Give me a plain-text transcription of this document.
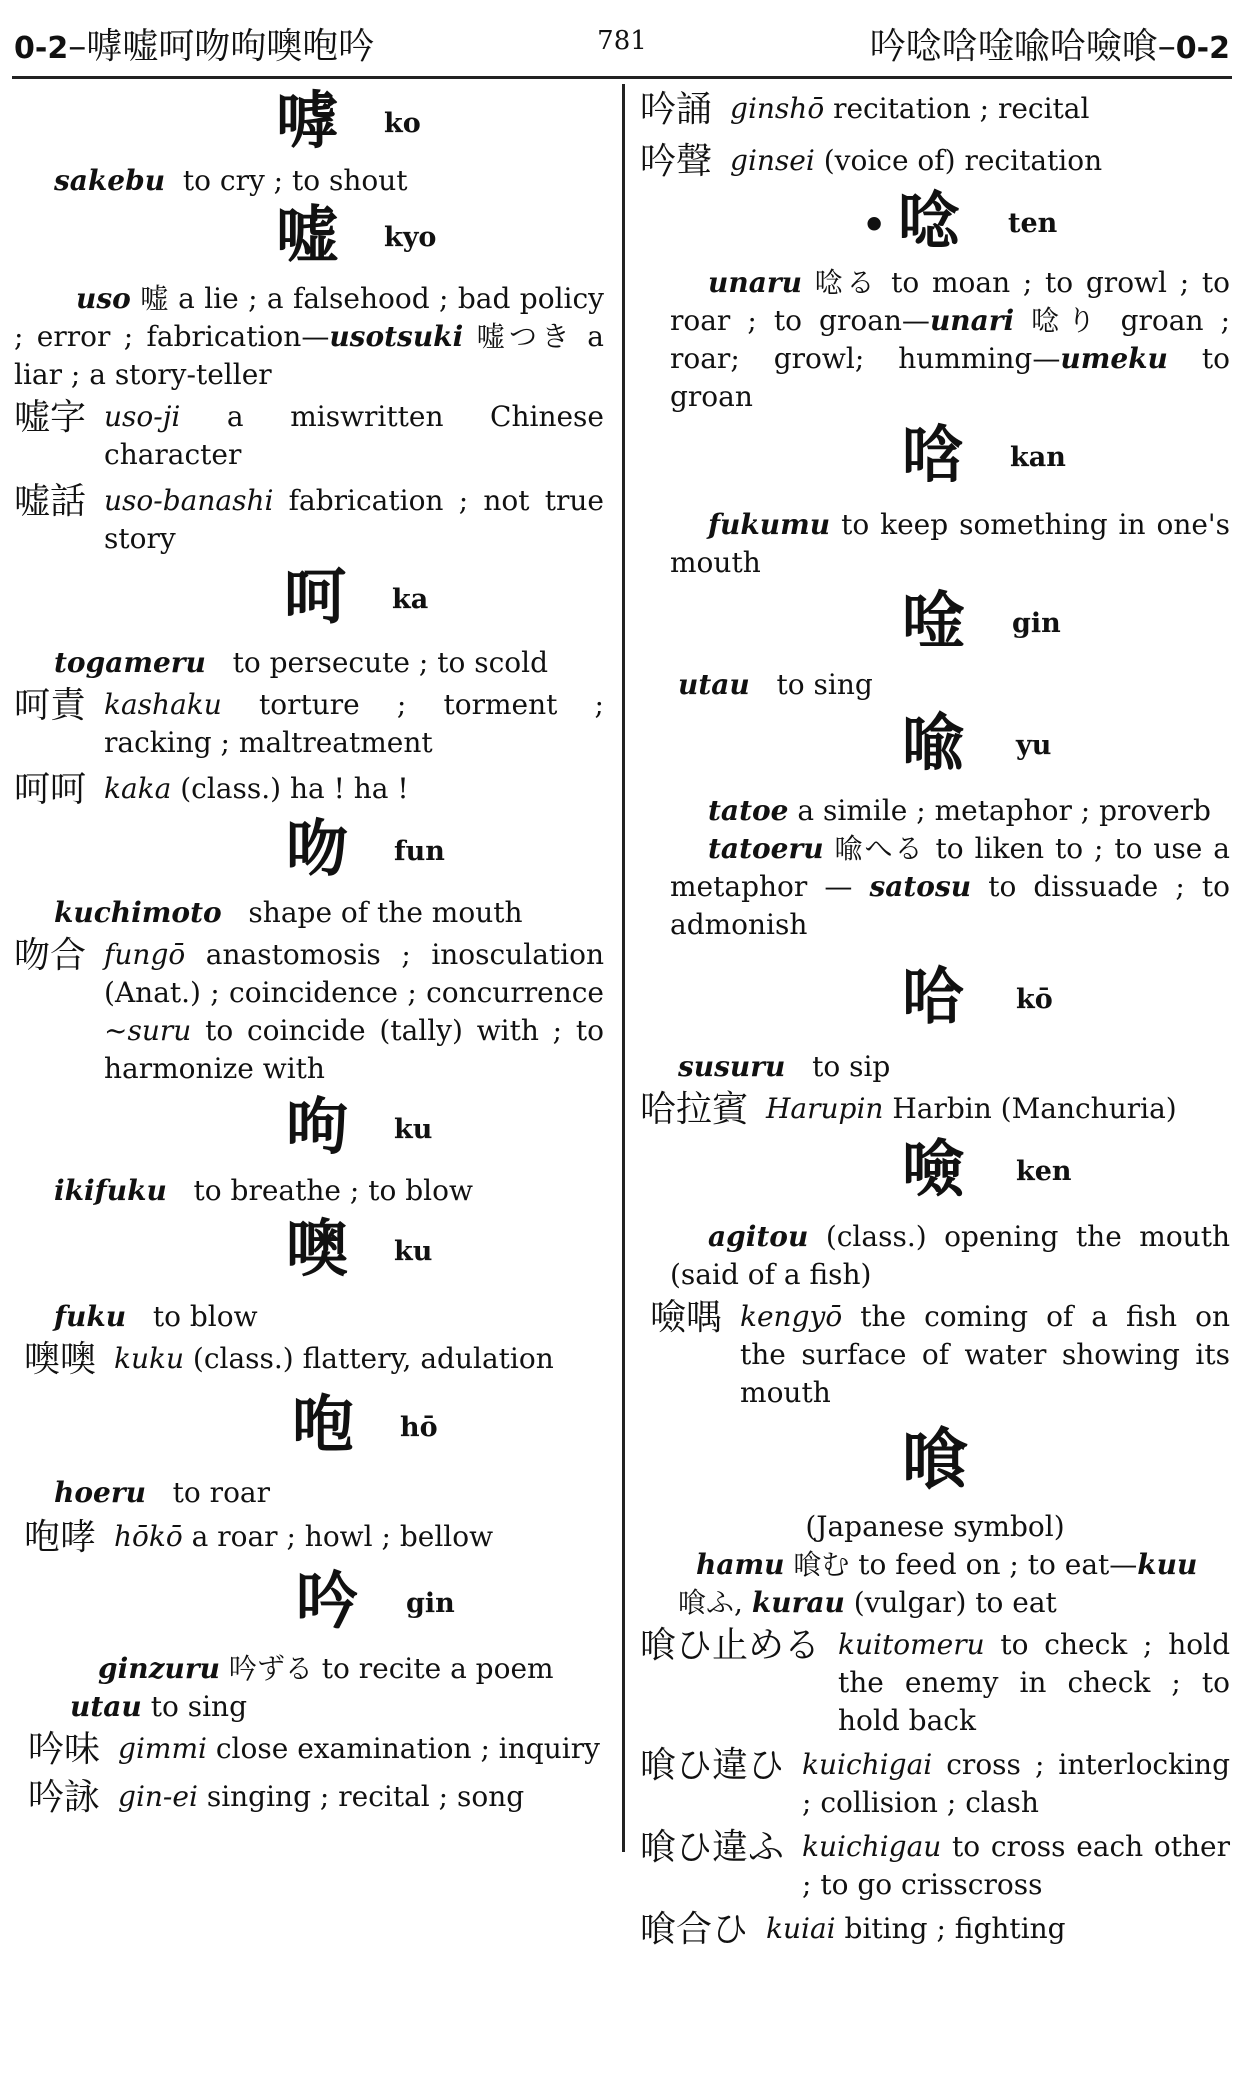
0-2–嘑嘘呵吻呴噢咆吟	781	吟唸唅唫喩哈噞喰–0-2
嘑 ko

sakebu to cry ; to shout

嘘 kyo

uso 嘘 a lie ; a falsehood ; bad policy ; error ; fabrication—usotsuki 嘘つき a liar ; a story-teller

嘘字 uso-ji a miswritten Chinese character
嘘話 uso-banashi fabrication ; not true story
呵 ka

togameru to persecute ; to scold

呵責 kashaku torture ; torment ; racking ; maltreatment
呵呵 kaka (class.) ha ! ha !
吻 fun

kuchimoto shape of the mouth

吻合 fungō anastomosis ; inosculation (Anat.) ; coincidence ; concurrence ~suru to coincide (tally) with ; to harmonize with
呴 ku

ikifuku to breathe ; to blow

噢 ku

fuku to blow

噢噢 kuku (class.) flattery, adulation
咆 hō

hoeru to roar

咆哮 hōkō a roar ; howl ; bellow
吟 gin

ginzuru 吟ずる to recite a poem

utau to sing

吟味 gimmi close examination ; inquiry
吟詠 gin-ei singing ; recital ; song
吟誦 ginshō recitation ; recital
吟聲 ginsei (voice of) recitation
• 唸 ten

unaru 唸る to moan ; to growl ; to roar ; to groan—unari 唸り groan ; roar; growl; humming—umeku to groan

唅 kan

fukumu to keep something in one's mouth

唫 gin

utau to sing

喩 yu

tatoe a simile ; metaphor ; proverb

tatoeru 喩へる to liken to ; to use a metaphor — satosu to dissuade ; to admonish

哈 kō

susuru to sip

哈拉賓 Harupin Harbin (Manchuria)
噞 ken

agitou (class.) opening the mouth (said of a fish)

噞喁 kengyō the coming of a fish on the surface of water showing its mouth
喰
(Japanese symbol)

hamu 喰む to feed on ; to eat—kuu

喰ふ, kurau (vulgar) to eat

喰ひ止める kuitomeru to check ; hold the enemy in check ; to hold back
喰ひ違ひ kuichigai cross ; interlocking ; collision ; clash
喰ひ違ふ kuichigau to cross each other ; to go crisscross
喰合ひ kuiai biting ; fighting
